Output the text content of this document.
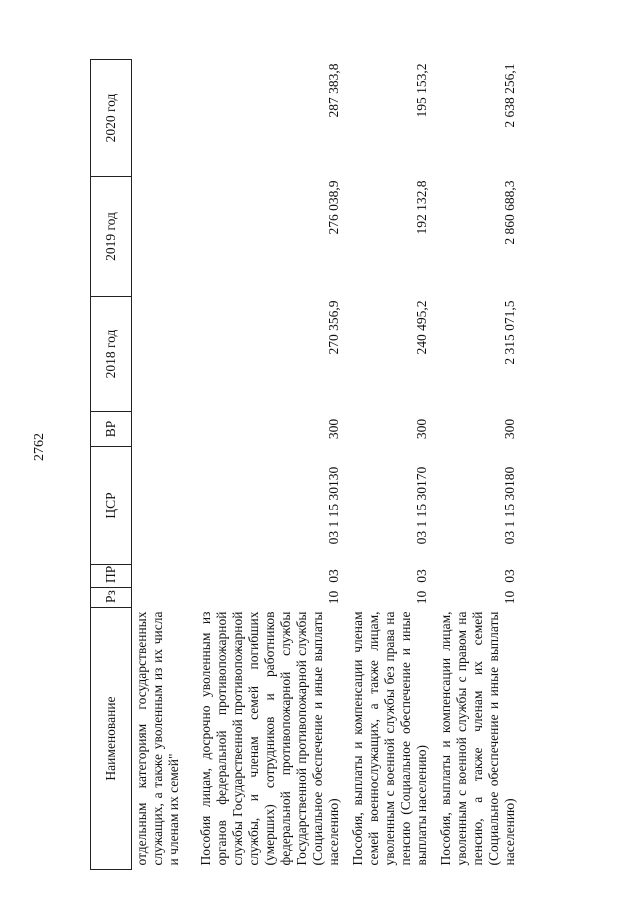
2762
Наименование	Рз	ПР	ЦСР	ВР	2018 год	2019 год	2020 год
отдельным категориям государственных служащих, а также уволенным из их числа и членам их семей"							
Пособия лицам, досрочно уволенным из органов федеральной противопожарной службы Государственной противопожарной службы, и членам семей погибших (умерших) сотрудников и работников федеральной противопожарной службы Государственной противопожарной службы (Социальное обеспечение и иные выплаты населению)	10	03	03 1 15 30130	300	270 356,9	276 038,9	287 383,8
Пособия, выплаты и компенсации членам семей военнослужащих, а также лицам, уволенным с военной службы без права на пенсию (Социальное обеспечение и иные выплаты населению)	10	03	03 1 15 30170	300	240 495,2	192 132,8	195 153,2
Пособия, выплаты и компенсации лицам, уволенным с военной службы с правом на пенсию, а также членам их семей (Социальное обеспечение и иные выплаты населению)	10	03	03 1 15 30180	300	2 315 071,5	2 860 688,3	2 638 256,1
